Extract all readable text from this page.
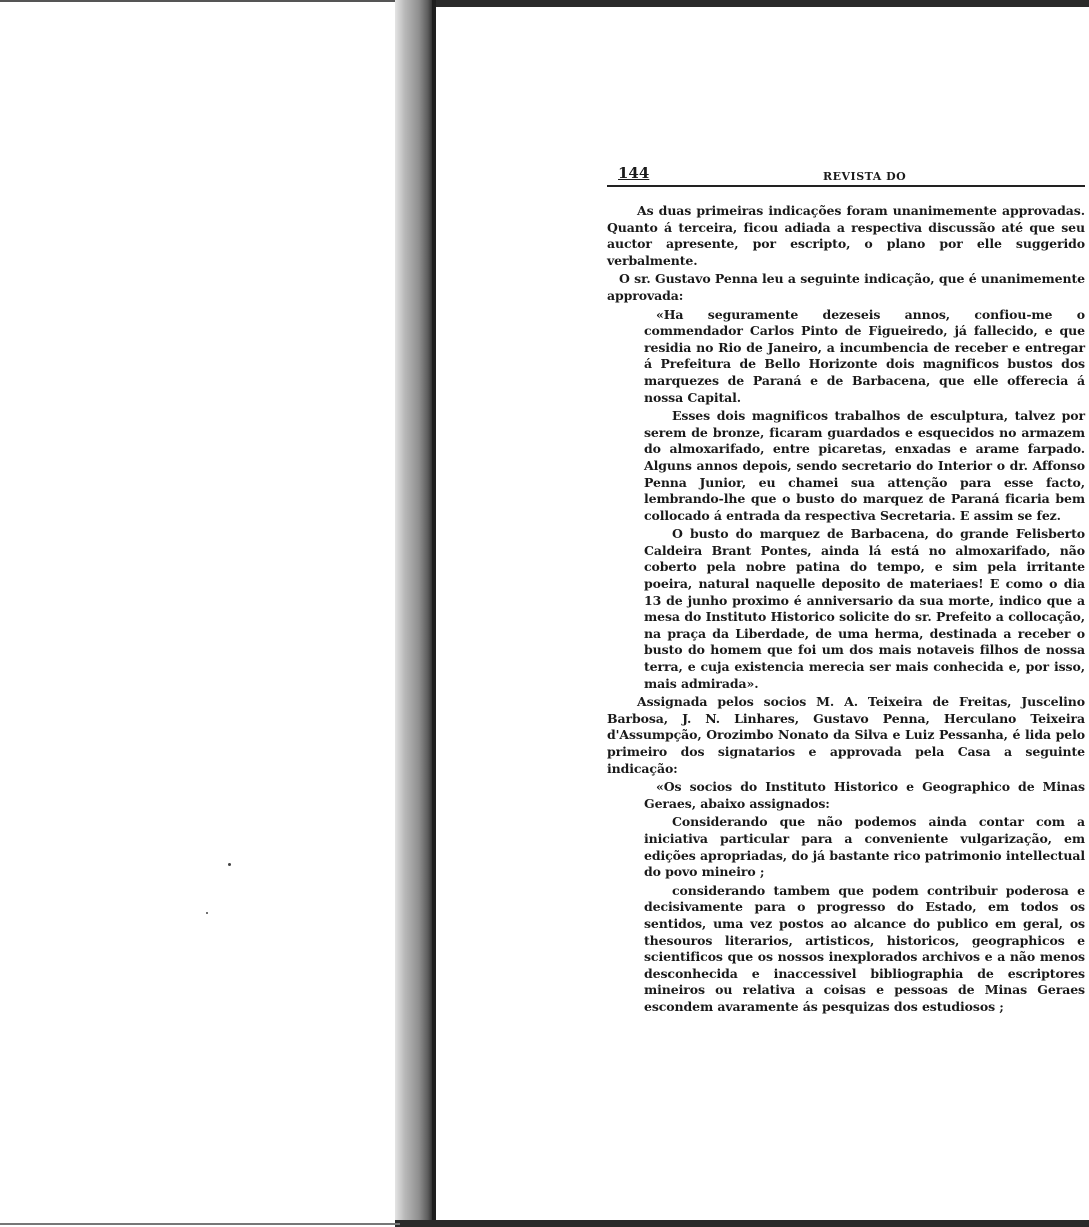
144	REVISTA DO

As duas primeiras indicações foram unanimemente approvadas. Quanto á terceira, ficou adiada a respectiva discussão até que seu auctor apresente, por escripto, o plano por elle suggerido verbalmente.

O sr. Gustavo Penna leu a seguinte indicação, que é unanimemente approvada:

«Ha seguramente dezeseis annos, confiou-me o commendador Carlos Pinto de Figueiredo, já fallecido, e que residia no Rio de Janeiro, a incumbencia de receber e entregar á Prefeitura de Bello Horizonte dois magnificos bustos dos marquezes de Paraná e de Barbacena, que elle offerecia á nossa Capital.

Esses dois magnificos trabalhos de esculptura, talvez por serem de bronze, ficaram guardados e esquecidos no armazem do almoxarifado, entre picaretas, enxadas e arame farpado. Alguns annos depois, sendo secretario do Interior o dr. Affonso Penna Junior, eu chamei sua attenção para esse facto, lembrando-lhe que o busto do marquez de Paraná ficaria bem collocado á entrada da respectiva Secretaria. E assim se fez.

O busto do marquez de Barbacena, do grande Felisberto Caldeira Brant Pontes, ainda lá está no almoxarifado, não coberto pela nobre patina do tempo, e sim pela irritante poeira, natural naquelle deposito de materiaes! E como o dia 13 de junho proximo é anniversario da sua morte, indico que a mesa do Instituto Historico solicite do sr. Prefeito a collocação, na praça da Liberdade, de uma herma, destinada a receber o busto do homem que foi um dos mais notaveis filhos de nossa terra, e cuja existencia merecia ser mais conhecida e, por isso, mais admirada».

Assignada pelos socios M. A. Teixeira de Freitas, Juscelino Barbosa, J. N. Linhares, Gustavo Penna, Herculano Teixeira d'Assumpção, Orozimbo Nonato da Silva e Luiz Pessanha, é lida pelo primeiro dos signatarios e approvada pela Casa a seguinte indicação:

«Os socios do Instituto Historico e Geographico de Minas Geraes, abaixo assignados:

Considerando que não podemos ainda contar com a iniciativa particular para a conveniente vulgarização, em edições apropriadas, do já bastante rico patrimonio intellectual do povo mineiro ;

considerando tambem que podem contribuir poderosa e decisivamente para o progresso do Estado, em todos os sentidos, uma vez postos ao alcance do publico em geral, os thesouros literarios, artisticos, historicos, geographicos e scientificos que os nossos inexplorados archivos e a não menos desconhecida e inaccessivel bibliographia de escriptores mineiros ou relativa a coisas e pessoas de Minas Geraes escondem avaramente ás pesquizas dos estudiosos ;
